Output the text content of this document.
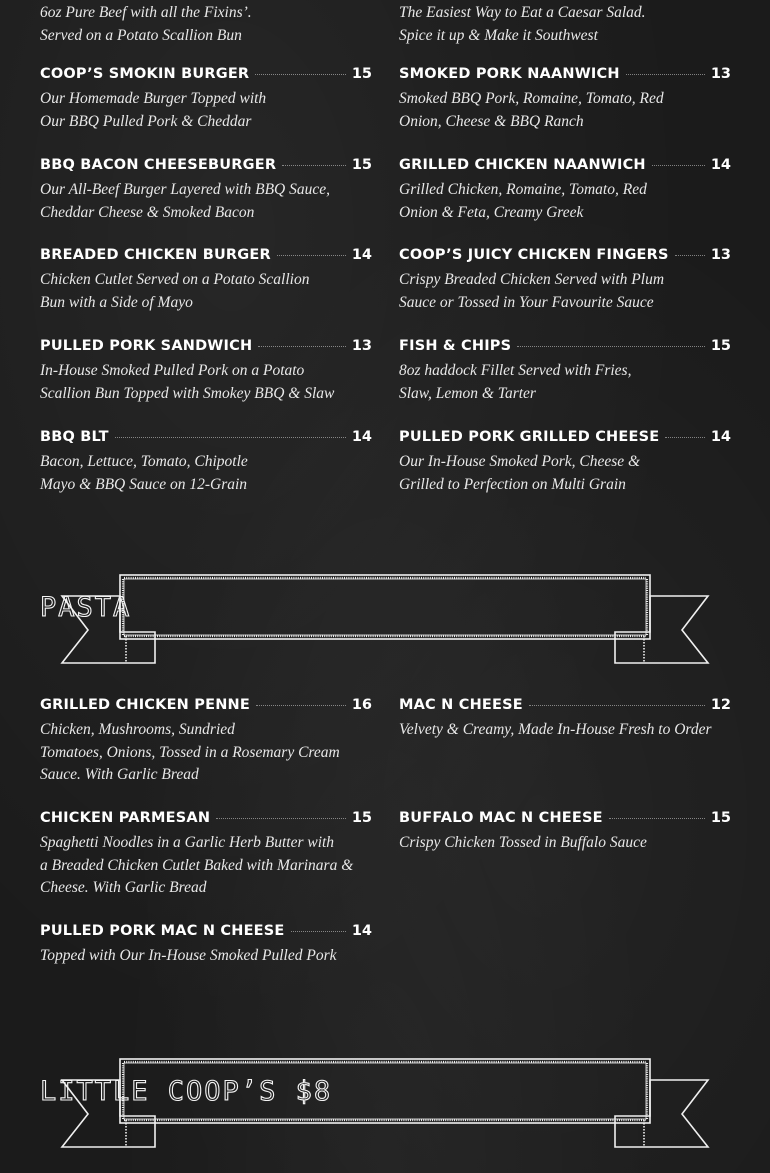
6oz Pure Beef with all the Fixins’.
Served on a Potato Scallion Bun
The Easiest Way to Eat a Caesar Salad.
Spice it up & Make it Southwest
COOP’S SMOKIN BURGER	15
Our Homemade Burger Topped with
Our BBQ Pulled Pork & Cheddar
BBQ BACON CHEESEBURGER	15
Our All-Beef Burger Layered with BBQ Sauce,
Cheddar Cheese & Smoked Bacon
BREADED CHICKEN BURGER	14
Chicken Cutlet Served on a Potato Scallion
Bun with a Side of Mayo
PULLED PORK SANDWICH	13
In-House Smoked Pulled Pork on a Potato
Scallion Bun Topped with Smokey BBQ & Slaw
BBQ BLT	14
Bacon, Lettuce, Tomato, Chipotle
Mayo & BBQ Sauce on 12-Grain
SMOKED PORK NAANWICH	13
Smoked BBQ Pork, Romaine, Tomato, Red
Onion, Cheese & BBQ Ranch
GRILLED CHICKEN NAANWICH	14
Grilled Chicken, Romaine, Tomato, Red
Onion & Feta, Creamy Greek
COOP’S JUICY CHICKEN FINGERS	13
Crispy Breaded Chicken Served with Plum
Sauce or Tossed in Your Favourite Sauce
FISH & CHIPS	15
8oz haddock Fillet Served with Fries,
Slaw, Lemon & Tarter
PULLED PORK GRILLED CHEESE	14
Our In-House Smoked Pork, Cheese &
Grilled to Perfection on Multi Grain
PASTA
GRILLED CHICKEN PENNE	16
Chicken, Mushrooms, Sundried
Tomatoes, Onions, Tossed in a Rosemary Cream
Sauce. With Garlic Bread
CHICKEN PARMESAN	15
Spaghetti Noodles in a Garlic Herb Butter with
a Breaded Chicken Cutlet Baked with Marinara &
Cheese. With Garlic Bread
PULLED PORK MAC N CHEESE	14
Topped with Our In-House Smoked Pulled Pork
MAC N CHEESE	12
Velvety & Creamy, Made In-House Fresh to Order
BUFFALO MAC N CHEESE	15
Crispy Chicken Tossed in Buffalo Sauce
LITTLE COOP’S $8
